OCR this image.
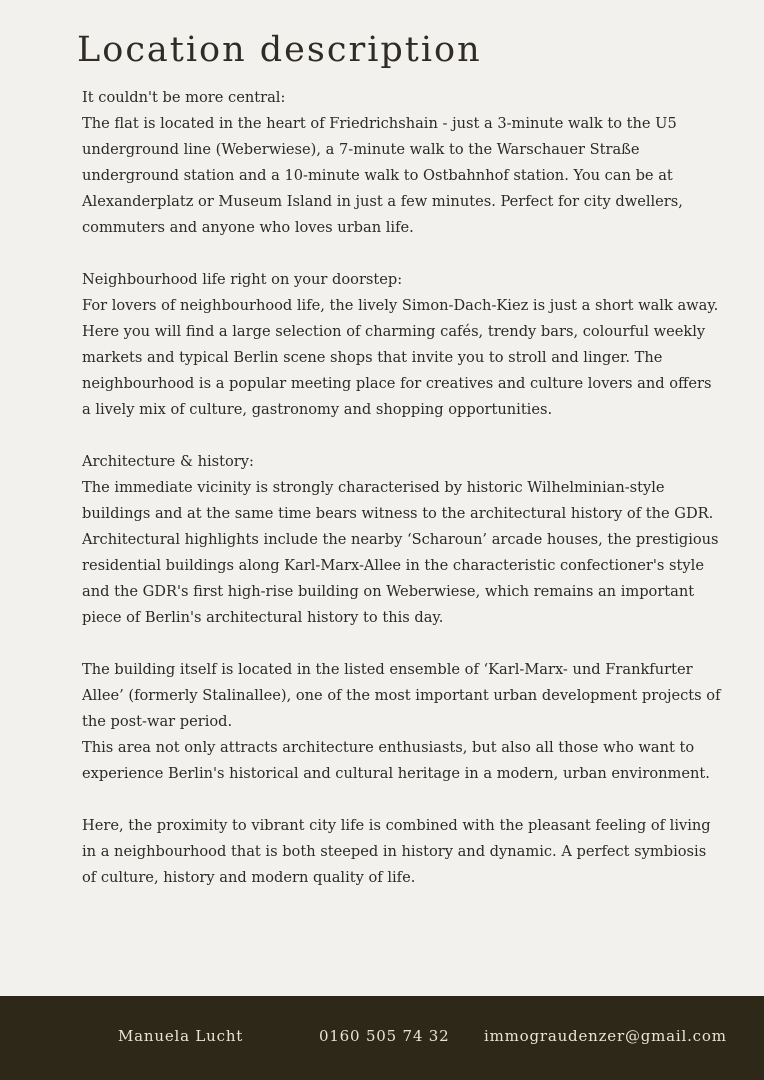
Location description

It couldn't be more central:

The flat is located in the heart of Friedrichshain - just a 3-minute walk to the U5 underground line (Weberwiese), a 7-minute walk to the Warschauer Straße underground station and a 10-minute walk to Ostbahnhof station. You can be at Alexanderplatz or Museum Island in just a few minutes. Perfect for city dwellers, commuters and anyone who loves urban life.

Neighbourhood life right on your doorstep:

For lovers of neighbourhood life, the lively Simon-Dach-Kiez is just a short walk away. Here you will find a large selection of charming cafés, trendy bars, colourful weekly markets and typical Berlin scene shops that invite you to stroll and linger. The neighbourhood is a popular meeting place for creatives and culture lovers and offers a lively mix of culture, gastronomy and shopping opportunities.

Architecture & history:

The immediate vicinity is strongly characterised by historic Wilhelminian-style buildings and at the same time bears witness to the architectural history of the GDR.

Architectural highlights include the nearby ‘Scharoun’ arcade houses, the prestigious residential buildings along Karl-Marx-Allee in the characteristic confectioner's style and the GDR's first high-rise building on Weberwiese, which remains an important piece of Berlin's architectural history to this day.

The building itself is located in the listed ensemble of ‘Karl-Marx- und Frankfurter Allee’ (formerly Stalinallee), one of the most important urban development projects of the post-war period.

This area not only attracts architecture enthusiasts, but also all those who want to experience Berlin's historical and cultural heritage in a modern, urban environment.

Here, the proximity to vibrant city life is combined with the pleasant feeling of living in a neighbourhood that is both steeped in history and dynamic. A perfect symbiosis of culture, history and modern quality of life.

Manuela Lucht	0160 505 74 32 immograudenzer@gmail.com
